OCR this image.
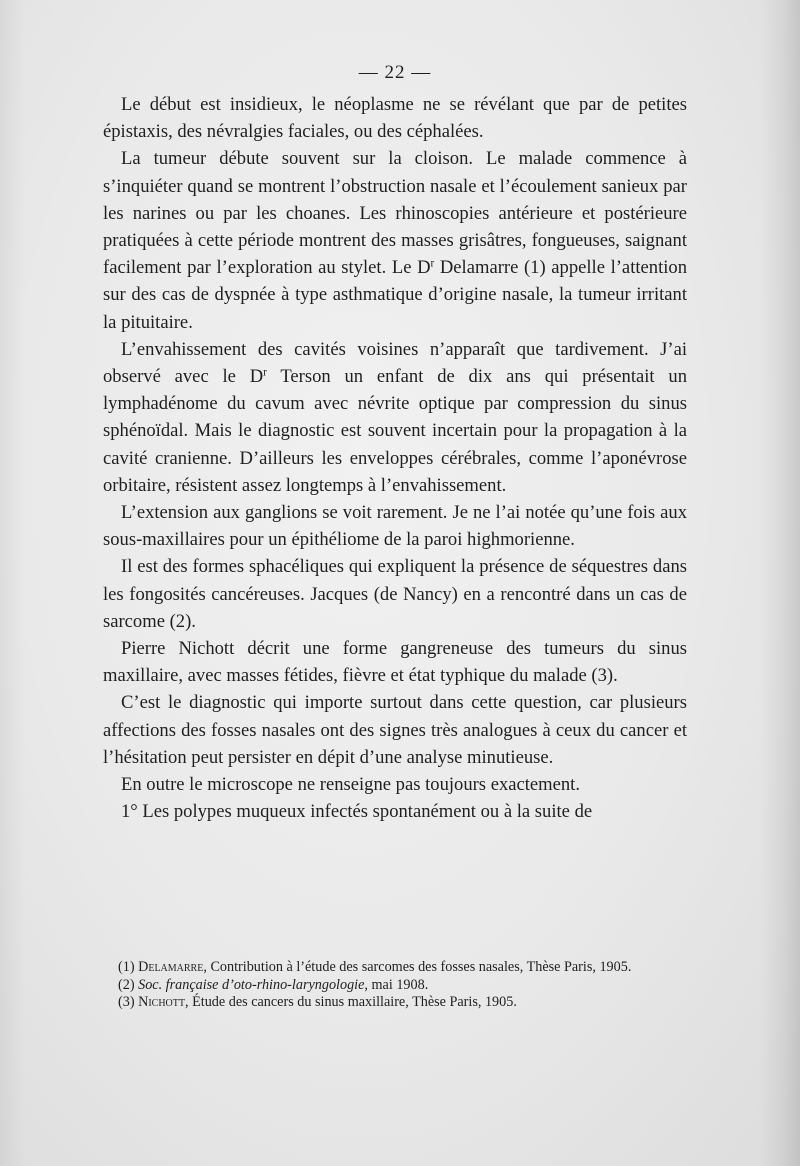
— 22 —

Le début est insidieux, le néoplasme ne se révélant que par de petites épistaxis, des névralgies faciales, ou des céphalées.

La tumeur débute souvent sur la cloison. Le malade commence à s’inquiéter quand se montrent l’obstruction nasale et l’écoulement sanieux par les narines ou par les choanes. Les rhinoscopies antérieure et postérieure pratiquées à cette période montrent des masses grisâtres, fongueuses, saignant facilement par l’exploration au stylet. Le $D^r$ Delamarre (1) appelle l’attention sur des cas de dyspnée à type asthmatique d’origine nasale, la tumeur irritant la pituitaire.

L’envahissement des cavités voisines n’apparaît que tardivement. J’ai observé avec le $D^r$ Terson un enfant de dix ans qui présentait un lymphadénome du cavum avec névrite optique par compression du sinus sphénoïdal. Mais le diagnostic est souvent incertain pour la propagation à la cavité cranienne. D’ailleurs les enveloppes cérébrales, comme l’aponévrose orbitaire, résistent assez longtemps à l’envahissement.

L’extension aux ganglions se voit rarement. Je ne l’ai notée qu’une fois aux sous-maxillaires pour un épithéliome de la paroi highmorienne.

Il est des formes sphacéliques qui expliquent la présence de séquestres dans les fongosités cancéreuses. Jacques (de Nancy) en a rencontré dans un cas de sarcome (2).

Pierre Nichott décrit une forme gangreneuse des tumeurs du sinus maxillaire, avec masses fétides, fièvre et état typhique du malade (3).

C’est le diagnostic qui importe surtout dans cette question, car plusieurs affections des fosses nasales ont des signes très analogues à ceux du cancer et l’hésitation peut persister en dépit d’une analyse minutieuse.

En outre le microscope ne renseigne pas toujours exactement.

1° Les polypes muqueux infectés spontanément ou à la suite de

(1) Delamarre, Contribution à l’étude des sarcomes des fosses nasales, Thèse Paris, 1905.

(2) Soc. française d’oto-rhino-laryngologie, mai 1908.

(3) Nichott, Étude des cancers du sinus maxillaire, Thèse Paris, 1905.
